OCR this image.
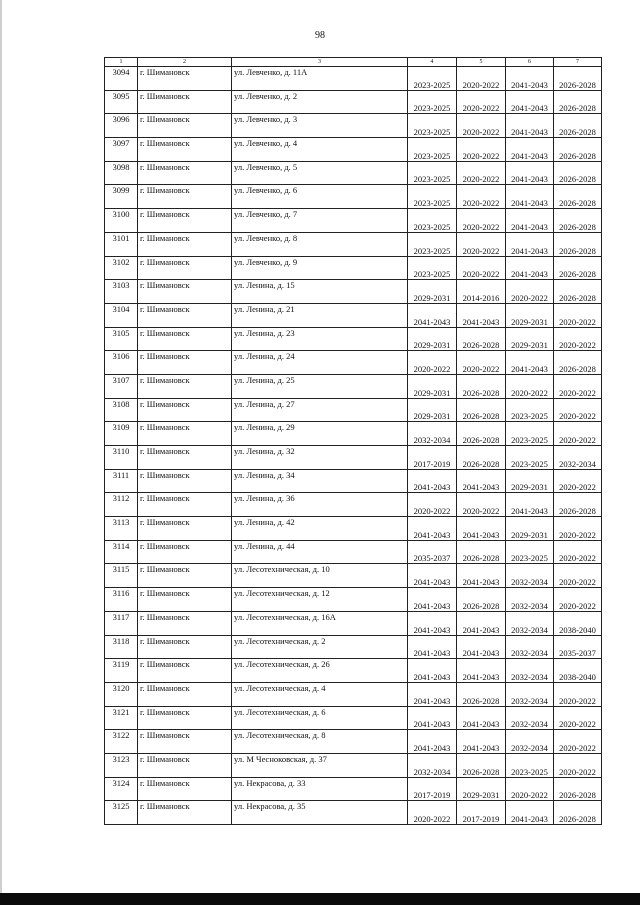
98
1	2	3	4	5	6	7
3094	г. Шимановск	ул. Левченко, д. 11А	2023-2025	2020-2022	2041-2043	2026-2028
3095	г. Шимановск	ул. Левченко, д. 2	2023-2025	2020-2022	2041-2043	2026-2028
3096	г. Шимановск	ул. Левченко, д. 3	2023-2025	2020-2022	2041-2043	2026-2028
3097	г. Шимановск	ул. Левченко, д. 4	2023-2025	2020-2022	2041-2043	2026-2028
3098	г. Шимановск	ул. Левченко, д. 5	2023-2025	2020-2022	2041-2043	2026-2028
3099	г. Шимановск	ул. Левченко, д. 6	2023-2025	2020-2022	2041-2043	2026-2028
3100	г. Шимановск	ул. Левченко, д. 7	2023-2025	2020-2022	2041-2043	2026-2028
3101	г. Шимановск	ул. Левченко, д. 8	2023-2025	2020-2022	2041-2043	2026-2028
3102	г. Шимановск	ул. Левченко, д. 9	2023-2025	2020-2022	2041-2043	2026-2028
3103	г. Шимановск	ул. Ленина, д. 15	2029-2031	2014-2016	2020-2022	2026-2028
3104	г. Шимановск	ул. Ленина, д. 21	2041-2043	2041-2043	2029-2031	2020-2022
3105	г. Шимановск	ул. Ленина, д. 23	2029-2031	2026-2028	2029-2031	2020-2022
3106	г. Шимановск	ул. Ленина, д. 24	2020-2022	2020-2022	2041-2043	2026-2028
3107	г. Шимановск	ул. Ленина, д. 25	2029-2031	2026-2028	2020-2022	2020-2022
3108	г. Шимановск	ул. Ленина, д. 27	2029-2031	2026-2028	2023-2025	2020-2022
3109	г. Шимановск	ул. Ленина, д. 29	2032-2034	2026-2028	2023-2025	2020-2022
3110	г. Шимановск	ул. Ленина, д. 32	2017-2019	2026-2028	2023-2025	2032-2034
3111	г. Шимановск	ул. Ленина, д. 34	2041-2043	2041-2043	2029-2031	2020-2022
3112	г. Шимановск	ул. Ленина, д. 36	2020-2022	2020-2022	2041-2043	2026-2028
3113	г. Шимановск	ул. Ленина, д. 42	2041-2043	2041-2043	2029-2031	2020-2022
3114	г. Шимановск	ул. Ленина, д. 44	2035-2037	2026-2028	2023-2025	2020-2022
3115	г. Шимановск	ул. Лесотехническая, д. 10	2041-2043	2041-2043	2032-2034	2020-2022
3116	г. Шимановск	ул. Лесотехническая, д. 12	2041-2043	2026-2028	2032-2034	2020-2022
3117	г. Шимановск	ул. Лесотехническая, д. 16А	2041-2043	2041-2043	2032-2034	2038-2040
3118	г. Шимановск	ул. Лесотехническая, д. 2	2041-2043	2041-2043	2032-2034	2035-2037
3119	г. Шимановск	ул. Лесотехническая, д. 26	2041-2043	2041-2043	2032-2034	2038-2040
3120	г. Шимановск	ул. Лесотехническая, д. 4	2041-2043	2026-2028	2032-2034	2020-2022
3121	г. Шимановск	ул. Лесотехническая, д. 6	2041-2043	2041-2043	2032-2034	2020-2022
3122	г. Шимановск	ул. Лесотехническая, д. 8	2041-2043	2041-2043	2032-2034	2020-2022
3123	г. Шимановск	ул. М Чесноковская, д. 37	2032-2034	2026-2028	2023-2025	2020-2022
3124	г. Шимановск	ул. Некрасова, д. 33	2017-2019	2029-2031	2020-2022	2026-2028
3125	г. Шимановск	ул. Некрасова, д. 35	2020-2022	2017-2019	2041-2043	2026-2028
